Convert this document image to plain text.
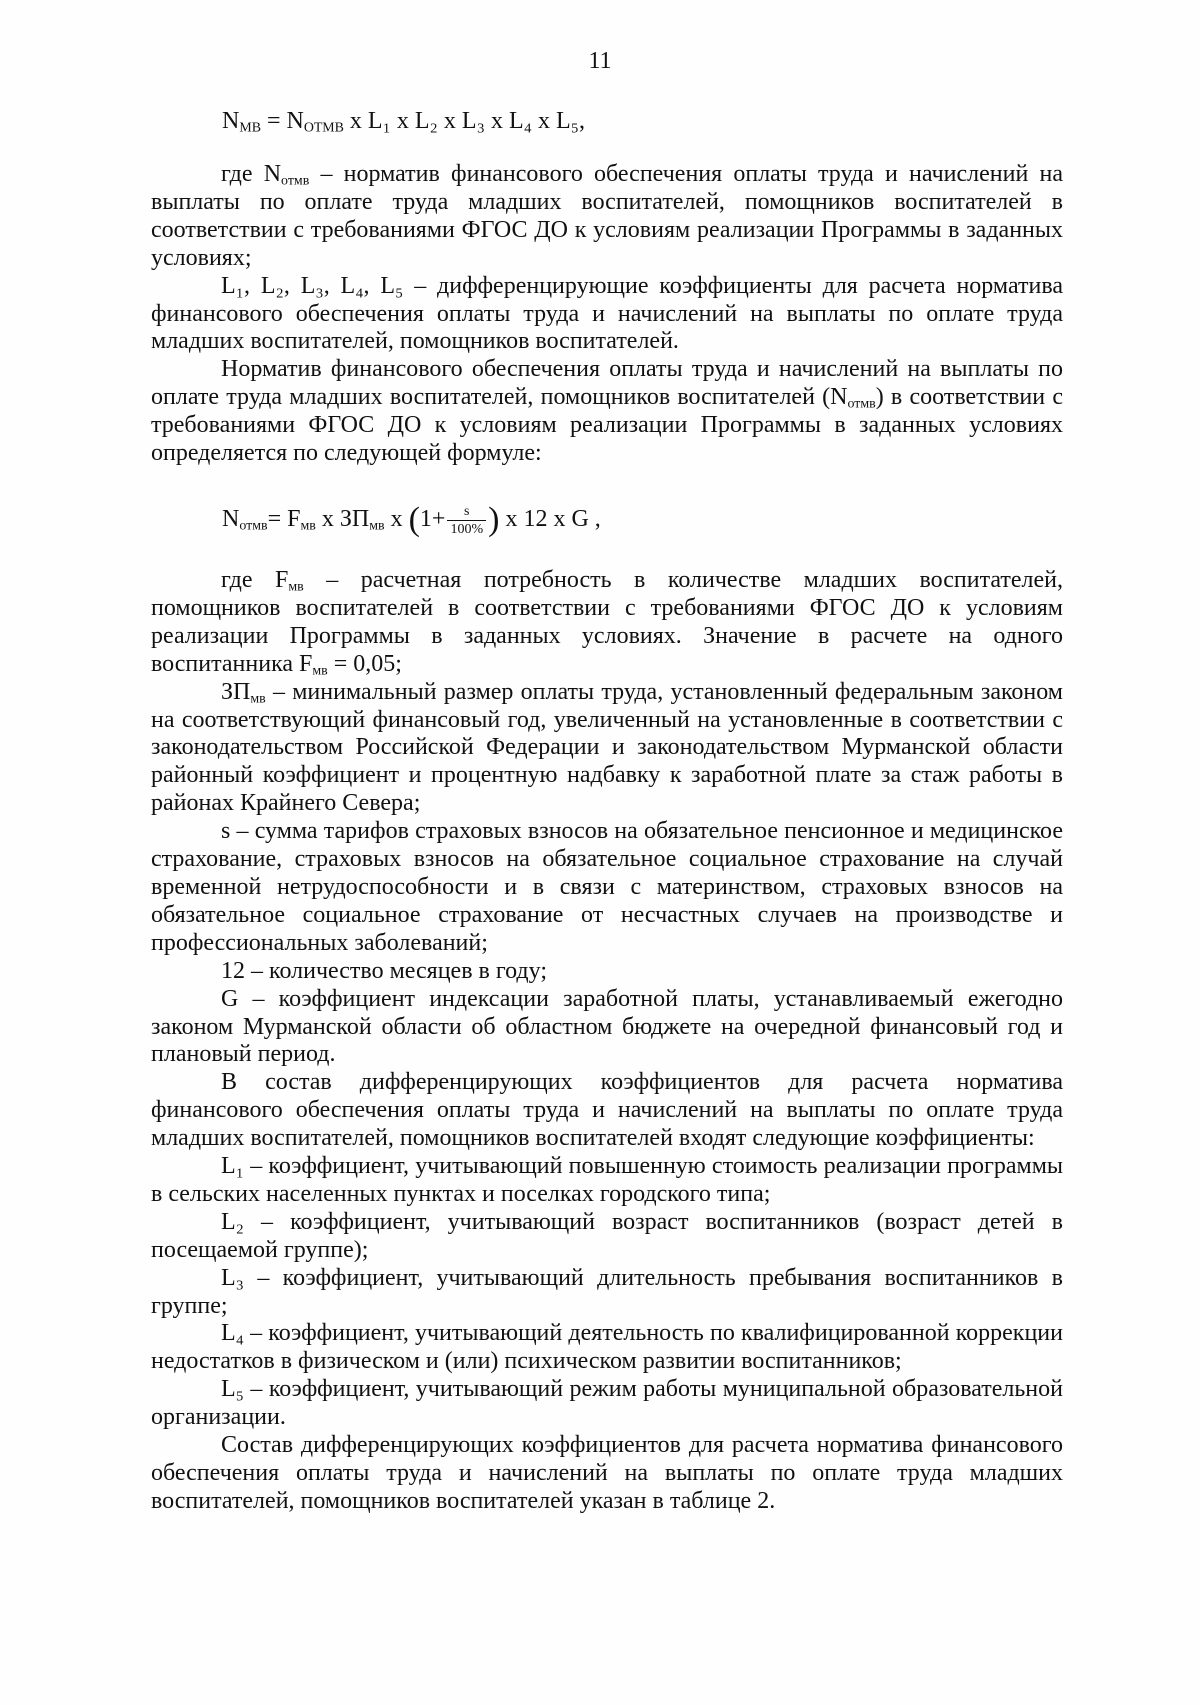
11
$N_{МВ} = N_{ОТМВ}$ x L₁ x L₂ x L₃ x L₄ x L₅,

где $N_{отмв}$ – норматив финансового обеспечения оплаты труда и начислений на выплаты по оплате труда младших воспитателей, помощников воспитателей в соответствии с требованиями ФГОС ДО к условиям реализации Программы в заданных условиях;

L₁, L₂, L₃, L₄, L₅ – дифференцирующие коэффициенты для расчета норматива финансового обеспечения оплаты труда и начислений на выплаты по оплате труда младших воспитателей, помощников воспитателей.

Норматив финансового обеспечения оплаты труда и начислений на выплаты по оплате труда младших воспитателей, помощников воспитателей $(N_{отмв})$ в соответствии с требованиями ФГОС ДО к условиям реализации Программы в заданных условиях определяется по следующей формуле:

$N_{отмв}= F_{мв}$ x $ЗП_{мв}$ x ($1+ \frac{s}{100\%}$ ) x 12 x G ,

где $F_{мв}$ – расчетная потребность в количестве младших воспитателей, помощников воспитателей в соответствии с требованиями ФГОС ДО к условиям реализации Программы в заданных условиях. Значение в расчете на одного воспитанника $F_{мв} = 0,05$;

$ЗП_{мв}$ – минимальный размер оплаты труда, установленный федеральным законом на соответствующий финансовый год, увеличенный на установленные в соответствии с законодательством Российской Федерации и законодательством Мурманской области районный коэффициент и процентную надбавку к заработной плате за стаж работы в районах Крайнего Севера;

s – сумма тарифов страховых взносов на обязательное пенсионное и медицинское страхование, страховых взносов на обязательное социальное страхование на случай временной нетрудоспособности и в связи с материнством, страховых взносов на обязательное социальное страхование от несчастных случаев на производстве и профессиональных заболеваний;

12 – количество месяцев в году;

G – коэффициент индексации заработной платы, устанавливаемый ежегодно законом Мурманской области об областном бюджете на очередной финансовый год и плановый период.

В состав дифференцирующих коэффициентов для расчета норматива финансового обеспечения оплаты труда и начислений на выплаты по оплате труда младших воспитателей, помощников воспитателей входят следующие коэффициенты:

L₁ – коэффициент, учитывающий повышенную стоимость реализации программы в сельских населенных пунктах и поселках городского типа;

L₂ – коэффициент, учитывающий возраст воспитанников (возраст детей в посещаемой группе);

L₃ – коэффициент, учитывающий длительность пребывания воспитанников в группе;

L₄ – коэффициент, учитывающий деятельность по квалифицированной коррекции недостатков в физическом и (или) психическом развитии воспитанников;

L₅ – коэффициент, учитывающий режим работы муниципальной образовательной организации.

Состав дифференцирующих коэффициентов для расчета норматива финансового обеспечения оплаты труда и начислений на выплаты по оплате труда младших воспитателей, помощников воспитателей указан в таблице 2.
